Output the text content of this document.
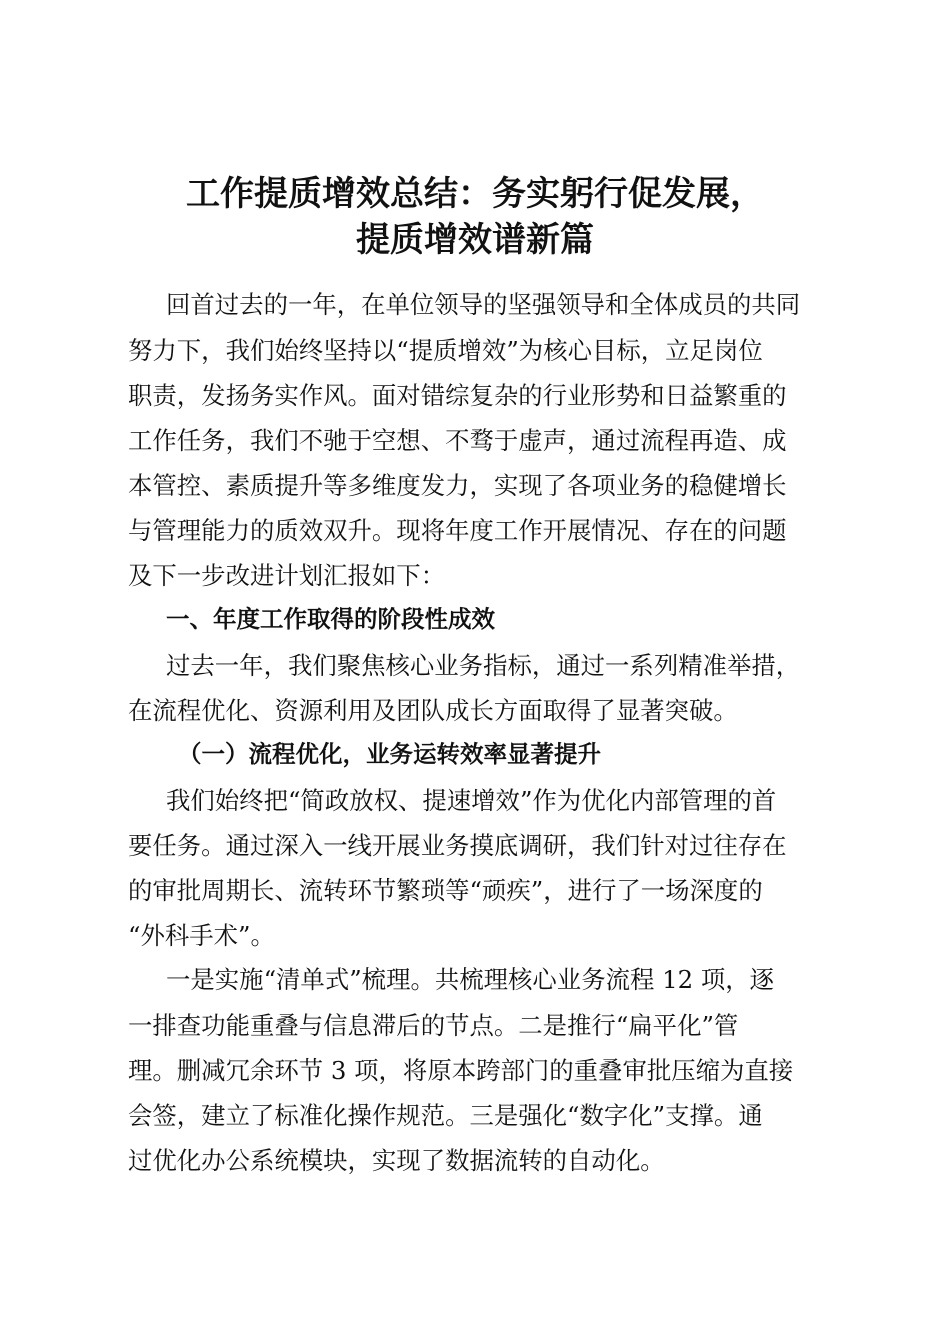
工作提质增效总结：务实躬行促发展，
提质增效谱新篇
回首过去的一年，在单位领导的坚强领导和全体成员的共同
努力下，我们始终坚持以“提质增效”为核心目标，立足岗位
职责，发扬务实作风。面对错综复杂的行业形势和日益繁重的
工作任务，我们不驰于空想、不骛于虚声，通过流程再造、成
本管控、素质提升等多维度发力，实现了各项业务的稳健增长
与管理能力的质效双升。现将年度工作开展情况、存在的问题
及下一步改进计划汇报如下：
一、年度工作取得的阶段性成效
过去一年，我们聚焦核心业务指标，通过一系列精准举措，
在流程优化、资源利用及团队成长方面取得了显著突破。
（一）流程优化，业务运转效率显著提升
我们始终把“简政放权、提速增效”作为优化内部管理的首
要任务。通过深入一线开展业务摸底调研，我们针对过往存在
的审批周期长、流转环节繁琐等“顽疾”，进行了一场深度的
“外科手术”。
一是实施“清单式”梳理。共梳理核心业务流程 12 项，逐
一排查功能重叠与信息滞后的节点。二是推行“扁平化”管
理。删减冗余环节 3 项，将原本跨部门的重叠审批压缩为直接
会签，建立了标准化操作规范。三是强化“数字化”支撑。通
过优化办公系统模块，实现了数据流转的自动化。
